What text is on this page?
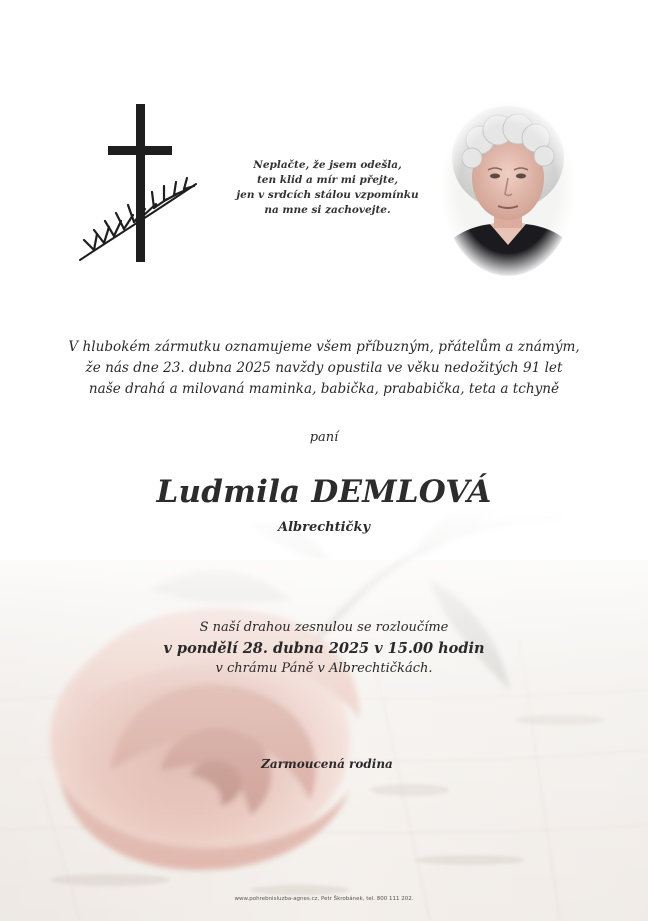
Neplačte, že jsem odešla,
ten klid a mír mi přejte,
jen v srdcích stálou vzpomínku
na mne si zachovejte.
V hlubokém zármutku oznamujeme všem příbuzným, přátelům a známým,
že nás dne 23. dubna 2025 navždy opustila ve věku nedožitých 91 let
naše drahá a milovaná maminka, babička, prababička, teta a tchyně
paní
Ludmila DEMLOVÁ
Albrechtičky
S naší drahou zesnulou se rozloučíme
v pondělí 28. dubna 2025 v 15.00 hodin
v chrámu Páně v Albrechtičkách.
Zarmoucená rodina
www.pohrebnisluzba-agnes.cz, Petr Škrobánek, tel. 800 111 202.
